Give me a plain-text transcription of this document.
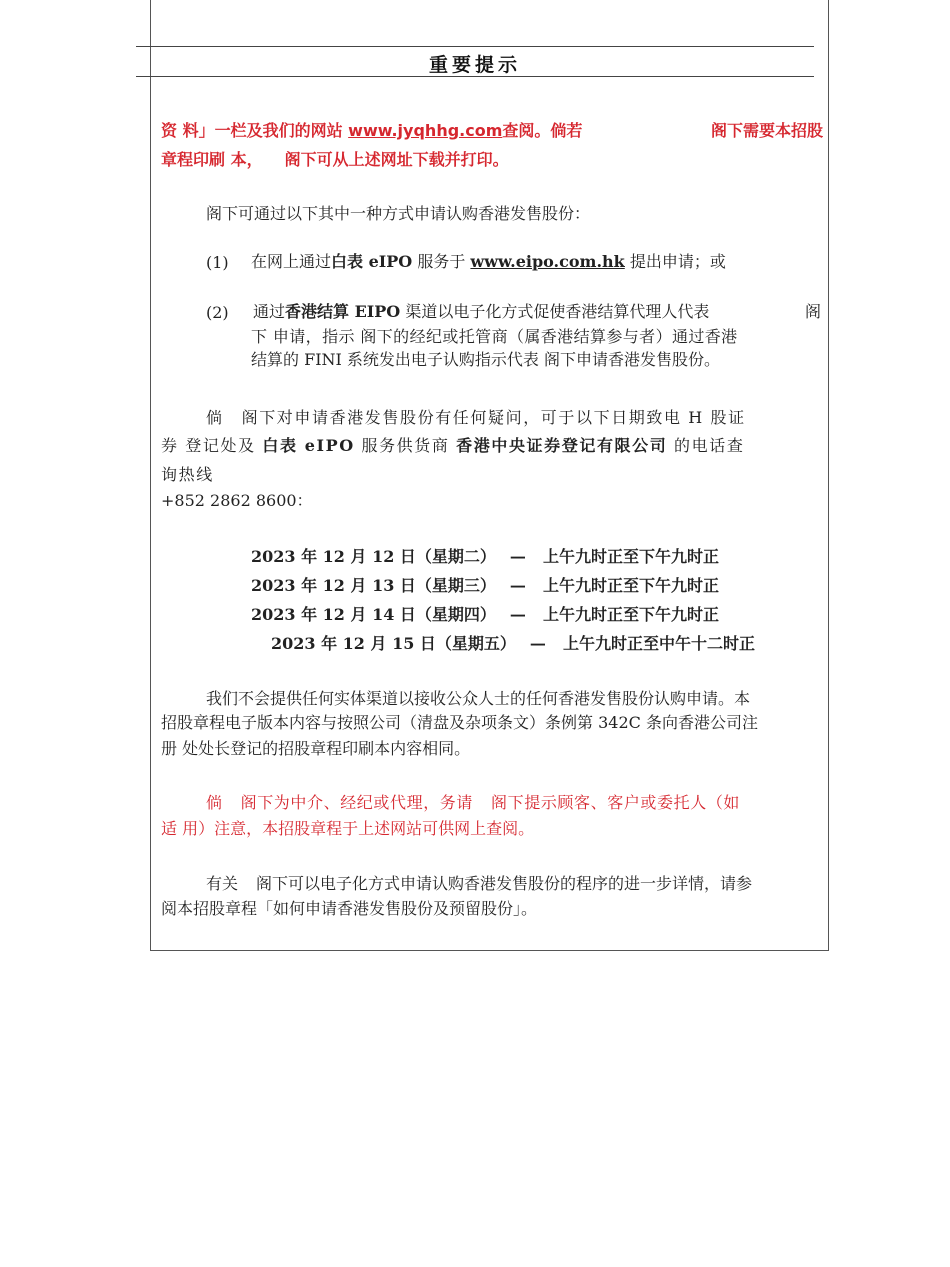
重要提示
资 料」一栏及我们的网站 www.jyqhhg.com查阅。倘若	阁下需要本招股
章程印刷 本， 阁下可从上述网址下载并打印。
阁下可通过以下其中一种方式申请认购香港发售股份：
(1) 在网上通过白表 eIPO 服务于 www.eipo.com.hk 提出申请；或
(2) 通过香港结算 EIPO 渠道以电子化方式促使香港结算代理人代表	阁
下 申请，指示 阁下的经纪或托管商（属香港结算参与者）通过香港
结算的 FINI 系统发出电子认购指示代表 阁下申请香港发售股份。
倘 阁下对申请香港发售股份有任何疑问，可于以下日期致电 H 股证
券 登记处及 白表 eIPO 服务供货商 香港中央证券登记有限公司 的电话查
询热线
+852 2862 8600：
2023 年 12 月 12 日（星期二） — 上午九时正至下午九时正
2023 年 12 月 13 日（星期三） — 上午九时正至下午九时正
2023 年 12 月 14 日（星期四） — 上午九时正至下午九时正
2023 年 12 月 15 日（星期五） — 上午九时正至中午十二时正
我们不会提供任何实体渠道以接收公众人士的任何香港发售股份认购申请。本
招股章程电子版本内容与按照公司（清盘及杂项条文）条例第 342C 条向香港公司注
册 处处长登记的招股章程印刷本内容相同。
倘 阁下为中介、经纪或代理，务请 阁下提示顾客、客户或委托人（如
适 用）注意，本招股章程于上述网站可供网上查阅。
有关 阁下可以电子化方式申请认购香港发售股份的程序的进一步详情，请参
阅本招股章程「如何申请香港发售股份及预留股份」。
